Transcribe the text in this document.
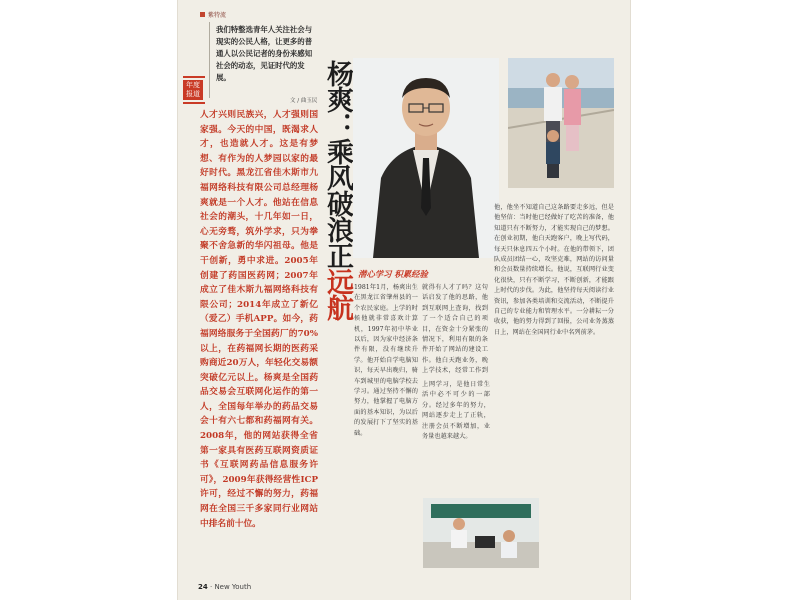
紫特流
我们特整选青年人关注社会与现实的公民人格，让更多的普通人以公民记者的身份来感知社会的动态，见证时代的发展。
文 / 曲玉民
年度 报道	杨爽：乘风破浪正远航
人才兴则民族兴，人才强则国家强。今天的中国，既渴求人才，也造就人才。这是有梦想、有作为的人梦园以家的最好时代。黑龙江省佳木斯市九福网络科技有限公司总经理杨爽就是一个人才。他站在信息社会的潮头，十几年如一日，心无旁骛，筑外学求，只为拳聚不舍急新的华闪祖母。他是干创新，勇中求进。2005年创建了药国医药网；2007年成立了佳木斯九福网络科技有限公司；2014年成立了新亿（爱乙）手机APP。如今，药福网络服务于全国药厂的70%以上，在药福网长期的医药采购商近20万人，年轻化交易额突破亿元以上。杨爽是全国药品交易会互联网化运作的第一人，全国每年举办的药品交易会十有六七都和药福网有关。2008年，他的网站获得全省第一家具有医药互联网资质证书《互联网药品信息服务许可》，2009年获得经营性ICP许可，经过不懈的努力，药福网在全国三千多家同行业网站中排名前十位。
潜心学习 积累经验
1981年1月，杨爽出生在黑龙江省肇州县的一个农民家庭。上学的时候他就非常喜欢计算机，1997年初中毕业以后，因为家中经济条件有限，没有继续升学。他开始自学电脑知识，每天早出晚归，骑车到城里的电脑学校去学习。通过坚持不懈的努力，他掌握了电脑方面的基本知识，为以后的发展打下了坚实的基础。
就得有人才了吗？这句话启发了他的思路，他到互联网上查询，找到了一个适合自己的项目，在资金十分紧张的情况下，利用有限的条件开始了网站的建设工作。他白天跑业务，晚上学技术，经常工作到
上网学习，是他日常生活中必不可少的一部分。经过多年的努力，网站逐步走上了正轨，注册会员不断增加，业务量也越来越大。
他，他坐不知道自己这条路要走多远，但是他坚信：当时他已经做好了吃苦的准备，他知道只有不断努力，才能实现自己的梦想。在创业初期，他白天跑客户，晚上写代码，每天只休息四五个小时。在他的带领下，团队成员团结一心，攻坚克难，网站的访问量和会员数量持续增长。他说，互联网行业变化很快，只有不断学习，不断创新，才能跟上时代的步伐。为此，他坚持每天阅读行业资讯，参加各类培训和交流活动，不断提升自己的专业能力和管理水平。一分耕耘一分收获，他的努力得到了回报，公司业务蒸蒸日上，网站在全国同行业中名列前茅。
24 · New Youth
